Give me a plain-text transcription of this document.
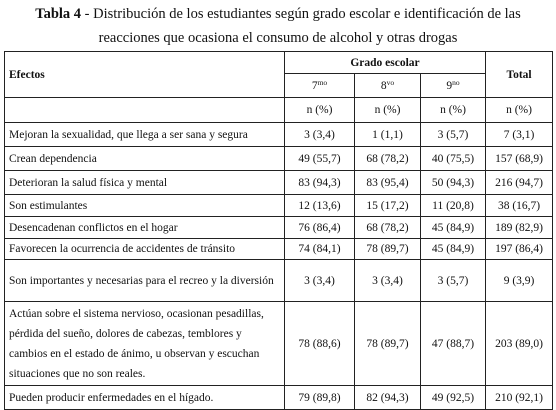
Tabla 4 - Distribución de los estudiantes según grado escolar e identificación de las
reacciones que ocasiona el consumo de alcohol y otras drogas
Efectos	Grado escolar			Total
	$7^{mo}$	$8^{vo}$	$9^{no}$
	n (%)	n (%)	n (%)	n (%)
Mejoran la sexualidad, que llega a ser sana y segura	3 (3,4)	1 (1,1)	3 (5,7)	7 (3,1)
Crean dependencia	49 (55,7)	68 (78,2)	40 (75,5)	157 (68,9)
Deterioran la salud física y mental	83 (94,3)	83 (95,4)	50 (94,3)	216 (94,7)
Son estimulantes	12 (13,6)	15 (17,2)	11 (20,8)	38 (16,7)
Desencadenan conflictos en el hogar	76 (86,4)	68 (78,2)	45 (84,9)	189 (82,9)
Favorecen la ocurrencia de accidentes de tránsito	74 (84,1)	78 (89,7)	45 (84,9)	197 (86,4)
Son importantes y necesarias para el recreo y la diversión	3 (3,4)	3 (3,4)	3 (5,7)	9 (3,9)
Actúan sobre el sistema nervioso, ocasionan pesadillas, pérdida del sueño, dolores de cabezas, temblores y cambios en el estado de ánimo, u observan y escuchan situaciones que no son reales.	78 (88,6)	78 (89,7)	47 (88,7)	203 (89,0)
Pueden producir enfermedades en el hígado.	79 (89,8)	82 (94,3)	49 (92,5)	210 (92,1)
